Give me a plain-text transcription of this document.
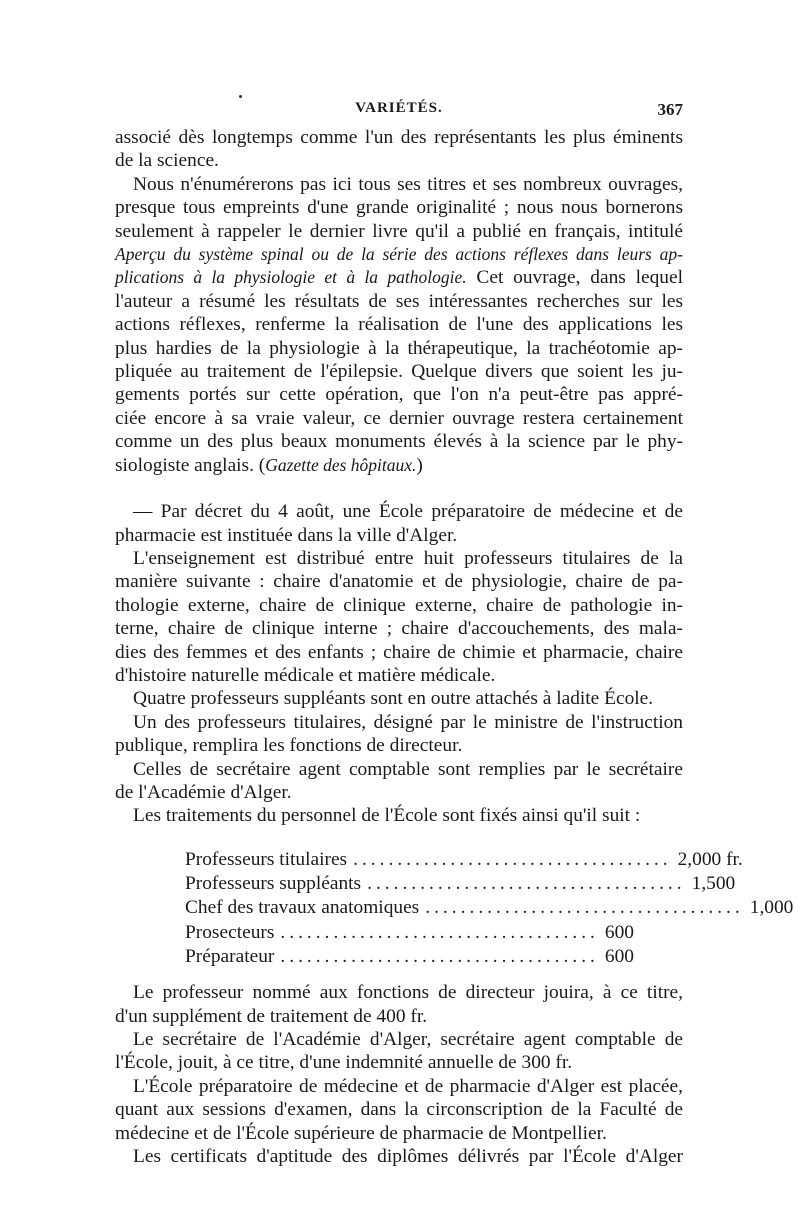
VARIÉTÉS.	367

associé dès longtemps comme l'un des représentants les plus éminents

de la science.

Nous n'énumérerons pas ici tous ses titres et ses nombreux ouvrages,

presque tous empreints d'une grande originalité ; nous nous bornerons

seulement à rappeler le dernier livre qu'il a publié en français, intitulé

Aperçu du système spinal ou de la série des actions réflexes dans leurs ap-

plications à la physiologie et à la pathologie. Cet ouvrage, dans lequel

l'auteur a résumé les résultats de ses intéressantes recherches sur les

actions réflexes, renferme la réalisation de l'une des applications les

plus hardies de la physiologie à la thérapeutique, la trachéotomie ap-

pliquée au traitement de l'épilepsie. Quelque divers que soient les ju-

gements portés sur cette opération, que l'on n'a peut-être pas appré-

ciée encore à sa vraie valeur, ce dernier ouvrage restera certainement

comme un des plus beaux monuments élevés à la science par le phy-

siologiste anglais. (Gazette des hôpitaux.)

— Par décret du 4 août, une École préparatoire de médecine et de

pharmacie est instituée dans la ville d'Alger.

L'enseignement est distribué entre huit professeurs titulaires de la

manière suivante : chaire d'anatomie et de physiologie, chaire de pa-

thologie externe, chaire de clinique externe, chaire de pathologie in-

terne, chaire de clinique interne ; chaire d'accouchements, des mala-

dies des femmes et des enfants ; chaire de chimie et pharmacie, chaire

d'histoire naturelle médicale et matière médicale.

Quatre professeurs suppléants sont en outre attachés à ladite École.

Un des professeurs titulaires, désigné par le ministre de l'instruction

publique, remplira les fonctions de directeur.

Celles de secrétaire agent comptable sont remplies par le secrétaire

de l'Académie d'Alger.

Les traitements du personnel de l'École sont fixés ainsi qu'il suit :

Professeurs titulaires .................................... 2,000 fr.
Professeurs suppléants .................................... 1,500
Chef des travaux anatomiques .................................... 1,000
Prosecteurs .................................... 600
Préparateur .................................... 600

Le professeur nommé aux fonctions de directeur jouira, à ce titre,

d'un supplément de traitement de 400 fr.

Le secrétaire de l'Académie d'Alger, secrétaire agent comptable de

l'École, jouit, à ce titre, d'une indemnité annuelle de 300 fr.

L'École préparatoire de médecine et de pharmacie d'Alger est placée,

quant aux sessions d'examen, dans la circonscription de la Faculté de

médecine et de l'École supérieure de pharmacie de Montpellier.

Les certificats d'aptitude des diplômes délivrés par l'École d'Alger
